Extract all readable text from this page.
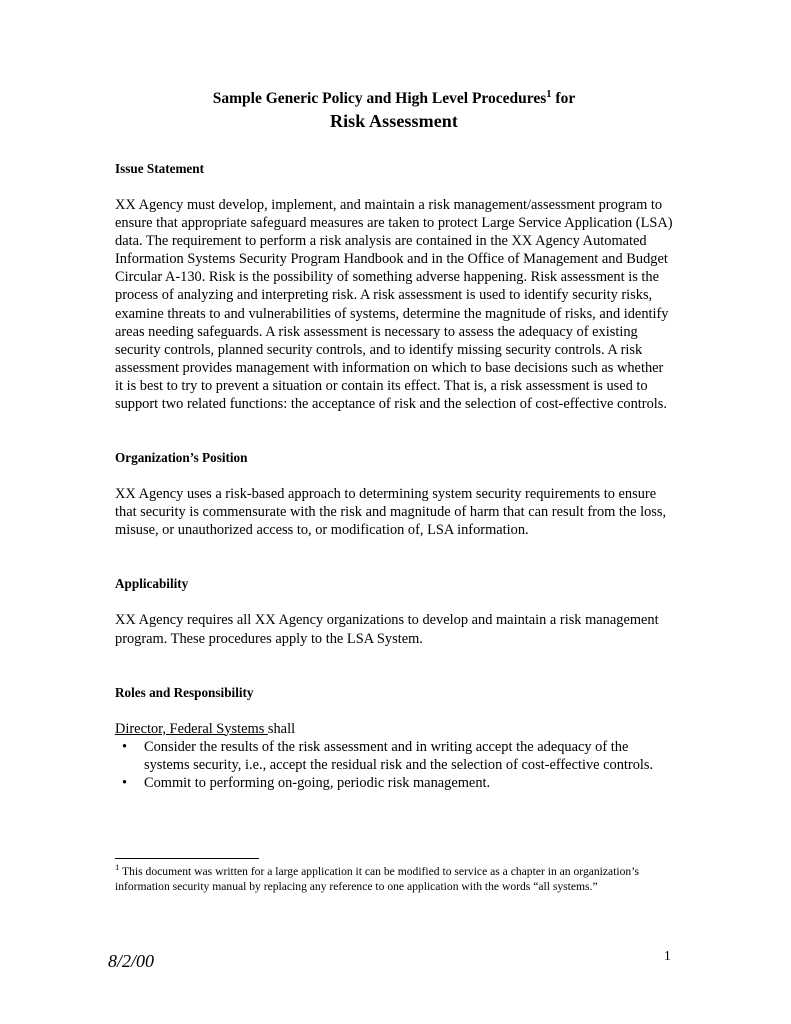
Sample Generic Policy and High Level Procedures$^1$ for

Risk Assessment

Issue Statement

XX Agency must develop, implement, and maintain a risk management/assessment program to ensure that appropriate safeguard measures are taken to protect Large Service Application (LSA) data. The requirement to perform a risk analysis are contained in the XX Agency Automated Information Systems Security Program Handbook and in the Office of Management and Budget Circular A-130. Risk is the possibility of something adverse happening. Risk assessment is the process of analyzing and interpreting risk. A risk assessment is used to identify security risks, examine threats to and vulnerabilities of systems, determine the magnitude of risks, and identify areas needing safeguards. A risk assessment is necessary to assess the adequacy of existing security controls, planned security controls, and to identify missing security controls. A risk assessment provides management with information on which to base decisions such as whether it is best to try to prevent a situation or contain its effect. That is, a risk assessment is used to support two related functions: the acceptance of risk and the selection of cost-effective controls.

Organization’s Position

XX Agency uses a risk-based approach to determining system security requirements to ensure that security is commensurate with the risk and magnitude of harm that can result from the loss, misuse, or unauthorized access to, or modification of, LSA information.

Applicability

XX Agency requires all XX Agency organizations to develop and maintain a risk management program. These procedures apply to the LSA System.

Roles and Responsibility

Director, Federal Systems shall

• Consider the results of the risk assessment and in writing accept the adequacy of the systems security, i.e., accept the residual risk and the selection of cost-effective controls.
• Commit to performing on-going, periodic risk management.

$^1$ This document was written for a large application it can be modified to service as a chapter in an organization’s information security manual by replacing any reference to one application with the words “all systems.”

8/2/00	1
